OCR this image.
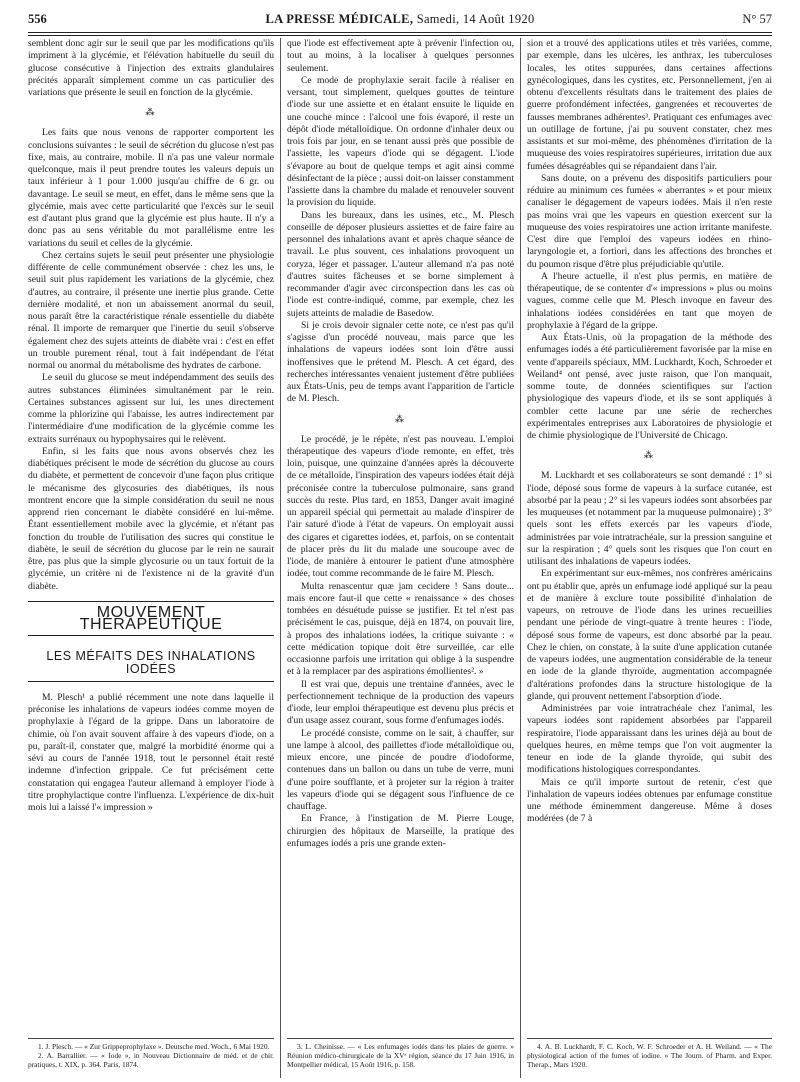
556	LA PRESSE MÉDICALE, Samedi, 14 Août 1920	N° 57

semblent donc agir sur le seuil que par les modifications qu'ils impriment à la glycémie, et l'élévation habituelle du seuil du glucose consécutive à l'injection des extraits glandulaires précités apparaît simplement comme un cas particulier des variations que présente le seuil en fonction de la glycémie.

⁂

Les faits que nous venons de rapporter comportent les conclusions suivantes : le seuil de sécrétion du glucose n'est pas fixe, mais, au contraire, mobile. Il n'a pas une valeur normale quelconque, mais il peut prendre toutes les valeurs depuis un taux inférieur à 1 pour 1.000 jusqu'au chiffre de 6 gr. ou davantage. Le seuil se meut, en effet, dans le même sens que la glycémie, mais avec cette particularité que l'excès sur le seuil est d'autant plus grand que la glycémie est plus haute. Il n'y a donc pas au sens véritable du mot parallélisme entre les variations du seuil et celles de la glycémie.

Chez certains sujets le seuil peut présenter une physiologie différente de celle communément observée : chez les uns, le seuil suit plus rapidement les variations de la glycémie, chez d'autres, au contraire, il présente une inertie plus grande. Cette dernière modalité, et non un abaissement anormal du seuil, nous paraît être la caractéristique rénale essentielle du diabète rénal. Il importe de remarquer que l'inertie du seuil s'observe également chez des sujets atteints de diabète vrai : c'est en effet un trouble purement rénal, tout à fait indépendant de l'état normal ou anormal du métabolisme des hydrates de carbone.

Le seuil du glucose se meut indépendamment des seuils des autres substances éliminées simultanément par le rein. Certaines substances agissent sur lui, les unes directement comme la phlorizine qui l'abaisse, les autres indirectement par l'intermédiaire d'une modification de la glycémie comme les extraits surrénaux ou hypophysaires qui le relèvent.

Enfin, si les faits que nous avons observés chez les diabétiques précisent le mode de sécrétion du glucose au cours du diabète, et permettent de concevoir d'une façon plus critique le mécanisme des glycosuries des diabétiques, ils nous montrent encore que la simple considération du seuil ne nous apprend rien concernant le diabète considéré en lui-même. Étant essentiellement mobile avec la glycémie, et n'étant pas fonction du trouble de l'utilisation des sucres qui constitue le diabète, le seuil de sécrétion du glucose par le rein ne saurait être, pas plus que la simple glycosurie ou un taux fortuit de la glycémie, un critère ni de l'existence ni de la gravité d'un diabète.

MOUVEMENT THÉRAPEUTIQUE
LES MÉFAITS DES INHALATIONS IODÉES

M. Plesch¹ a publié récemment une note dans laquelle il préconise les inhalations de vapeurs iodées comme moyen de prophylaxie à l'égard de la grippe. Dans un laboratoire de chimie, où l'on avait souvent affaire à des vapeurs d'iode, on a pu, paraît-il, constater que, malgré la morbidité énorme qui a sévi au cours de l'année 1918, tout le personnel était resté indemne d'infection grippale. Ce fut précisément cette constatation qui engagea l'auteur allemand à employer l'iode à titre prophylactique contre l'influenza. L'expérience de dix-huit mois lui a laissé l'« impression »

que l'iode est effectivement apte à prévenir l'infection ou, tout au moins, à la localiser à quelques personnes seulement.

Ce mode de prophylaxie serait facile à réaliser en versant, tout simplement, quelques gouttes de teinture d'iode sur une assiette et en étalant ensuite le liquide en une couche mince : l'alcool une fois évaporé, il reste un dépôt d'iode métalloïdique. On ordonne d'inhaler deux ou trois fois par jour, en se tenant aussi près que possible de l'assiette, les vapeurs d'iode qui se dégagent. L'iode s'évapore au bout de quelque temps et agit ainsi comme désinfectant de la pièce ; aussi doit-on laisser constamment l'assiette dans la chambre du malade et renouveler souvent la provision du liquide.

Dans les bureaux, dans les usines, etc., M. Plesch conseille de déposer plusieurs assiettes et de faire faire au personnel des inhalations avant et après chaque séance de travail. Le plus souvent, ces inhalations provoquent un coryza, léger et passager. L'auteur allemand n'a pas noté d'autres suites fâcheuses et se borne simplement à recommander d'agir avec circonspection dans les cas où l'iode est contre-indiqué, comme, par exemple, chez les sujets atteints de maladie de Basedow.

Si je crois devoir signaler cette note, ce n'est pas qu'il s'agisse d'un procédé nouveau, mais parce que les inhalations de vapeurs iodées sont loin d'être aussi inoffensives que le prétend M. Plesch. A cet égard, des recherches intéressantes venaient justement d'être publiées aux États-Unis, peu de temps avant l'apparition de l'article de M. Plesch.

⁂

Le procédé, je le répète, n'est pas nouveau. L'emploi thérapeutique des vapeurs d'iode remonte, en effet, très loin, puisque, une quinzaine d'années après la découverte de ce métalloïde, l'inspiration des vapeurs iodées était déjà préconisée contre la tuberculose pulmonaire, sans grand succès du reste. Plus tard, en 1853, Danger avait imaginé un appareil spécial qui permettait au malade d'inspirer de l'air saturé d'iode à l'état de vapeurs. On employait aussi des cigares et cigarettes iodées, et, parfois, on se contentait de placer près du lit du malade une soucoupe avec de l'iode, de manière à entourer le patient d'une atmosphère iodée, tout comme recommande de le faire M. Plesch.

Multa renascentur quæ jam cecidere ! Sans doute... mais encore faut-il que cette « renaissance » des choses tombées en désuétude puisse se justifier. Et tel n'est pas précisément le cas, puisque, déjà en 1874, on pouvait lire, à propos des inhalations iodées, la critique suivante : « cette médication topique doit être surveillée, car elle occasionne parfois une irritation qui oblige à la suspendre et à la remplacer par des aspirations émollientes². »

Il est vrai que, depuis une trentaine d'années, avec le perfectionnement technique de la production des vapeurs d'iode, leur emploi thérapeutique est devenu plus précis et d'un usage assez courant, sous forme d'enfumages iodés.

Le procédé consiste, comme on le sait, à chauffer, sur une lampe à alcool, des paillettes d'iode métalloïdique ou, mieux encore, une pincée de poudre d'iodoforme, contenues dans un ballon ou dans un tube de verre, muni d'une poire soufflante, et à projeter sur la région à traiter les vapeurs d'iode qui se dégagent sous l'influence de ce chauffage.

En France, à l'instigation de M. Pierre Louge, chirurgien des hôpitaux de Marseille, la pratique des enfumages iodés a pris une grande exten-

sion et a trouvé des applications utiles et très variées, comme, par exemple, dans les ulcères, les anthrax, les tuberculoses locales, les otites suppurées, dans certaines affections gynécologiques, dans les cystites, etc. Personnellement, j'en ai obtenu d'excellents résultats dans le traitement des plaies de guerre profondément infectées, gangrenées et recouvertes de fausses membranes adhérentes³. Pratiquant ces enfumages avec un outillage de fortune, j'ai pu souvent constater, chez mes assistants et sur moi-même, des phénomènes d'irritation de la muqueuse des voies respiratoires supérieures, irritation due aux fumées désagréables qui se répandaient dans l'air.

Sans doute, on a prévenu des dispositifs particuliers pour réduire au minimum ces fumées « aberrantes » et pour mieux canaliser le dégagement de vapeurs iodées. Mais il n'en reste pas moins vrai que les vapeurs en question exercent sur la muqueuse des voies respiratoires une action irritante manifeste. C'est dire que l'emploi des vapeurs iodées en rhino-laryngologie et, a fortiori, dans les affections des bronches et du poumon risque d'être plus préjudiciable qu'utile.

A l'heure actuelle, il n'est plus permis, en matière de thérapeutique, de se contenter d'« impressions » plus ou moins vagues, comme celle que M. Plesch invoque en faveur des inhalations iodées considérées en tant que moyen de prophylaxie à l'égard de la grippe.

Aux États-Unis, où la propagation de la méthode des enfumages iodés a été particulièrement favorisée par la mise en vente d'appareils spéciaux, MM. Luckhardt, Koch, Schroeder et Weiland⁴ ont pensé, avec juste raison, que l'on manquait, somme toute, de données scientifiques sur l'action physiologique des vapeurs d'iode, et ils se sont appliqués à combler cette lacune par une série de recherches expérimentales entreprises aux Laboratoires de physiologie et de chimie physiologique de l'Université de Chicago.

⁂

M. Luckhardt et ses collaborateurs se sont demandé : 1° si l'iode, déposé sous forme de vapeurs à la surface cutanée, est absorbé par la peau ; 2° si les vapeurs iodées sont absorbées par les muqueuses (et notamment par la muqueuse pulmonaire) ; 3° quels sont les effets exercés par les vapeurs d'iode, administrées par voie intratrachéale, sur la pression sanguine et sur la respiration ; 4° quels sont les risques que l'on court en utilisant des inhalations de vapeurs iodées.

En expérimentant sur eux-mêmes, nos confrères américains ont pu établir que, après un enfumage iodé appliqué sur la peau et de manière à exclure toute possibilité d'inhalation de vapeurs, on retrouve de l'iode dans les urines recueillies pendant une période de vingt-quatre à trente heures : l'iode, déposé sous forme de vapeurs, est donc absorbé par la peau. Chez le chien, on constate, à la suite d'une application cutanée de vapeurs iodées, une augmentation considérable de la teneur en iode de la glande thyroïde, augmentation accompagnée d'altérations profondes dans la structure histologique de la glande, qui prouvent nettement l'absorption d'iode.

Administrées par voie intratrachéale chez l'animal, les vapeurs iodées sont rapidement absorbées par l'appareil respiratoire, l'iode apparaissant dans les urines déjà au bout de quelques heures, en même temps que l'on voit augmenter la teneur en iode de la glande thyroïde, qui subit des modifications histologiques correspondantes.

Mais ce qu'il importe surtout de retenir, c'est que l'inhalation de vapeurs iodées obtenues par enfumage constitue une méthode éminemment dangereuse. Même à doses modérées (de 7 à

1. J. Plesch. — « Zur Grippeprophylaxe ». Deutsche med. Woch., 6 Mai 1920.
2. A. Barrallier. — « Iode », in Nouveau Dictionnaire de méd. et de chir. pratiques, t. XIX, p. 364. Paris, 1874.
3. L. Cheinisse. — « Les enfumages iodés dans les plaies de guerre. » Réunion médico-chirurgicale de la XVᵉ région, séance du 17 Juin 1916, in Montpellier médical, 15 Août 1916, p. 158.
4. A. B. Luckhardt, F. C. Koch, W. F. Schroeder et A. H. Weiland. — « The physiological action of the fumes of iodine. » The Journ. of Pharm. and Exper. Therap., Mars 1920.
